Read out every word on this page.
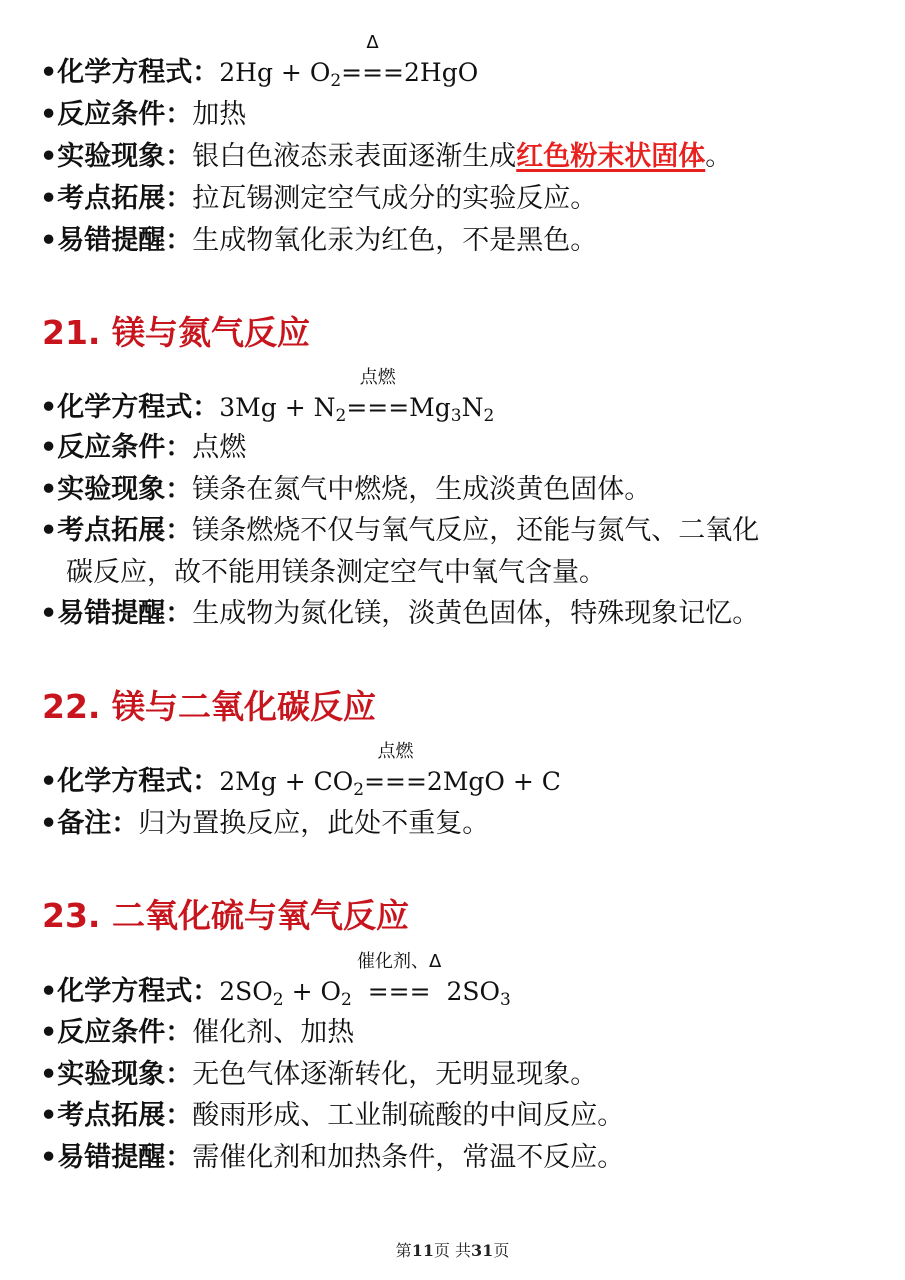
•化学方程式：$2Hg + O_2$
Δ
===2HgO
•反应条件：加热
•实验现象：银白色液态汞表面逐渐生成红色粉末状固体。
•考点拓展：拉瓦锡测定空气成分的实验反应。
•易错提醒：生成物氧化汞为红色，不是黑色。
21. 镁与氮气反应
•化学方程式：$3Mg + N_2$
点燃
$===Mg_3N_2$
•反应条件：点燃
•实验现象：镁条在氮气中燃烧，生成淡黄色固体。
•考点拓展：镁条燃烧不仅与氧气反应，还能与氮气、二氧化
碳反应，故不能用镁条测定空气中氧气含量。
•易错提醒：生成物为氮化镁，淡黄色固体，特殊现象记忆。
22. 镁与二氧化碳反应
•化学方程式：$2Mg + CO_2$
点燃
===2MgO + C
•备注：归为置换反应，此处不重复。
23. 二氧化硫与氧气反应
•化学方程式：$2SO_2 + O_2$
催化剂、Δ
=== $2SO_3$
•反应条件：催化剂、加热
•实验现象：无色气体逐渐转化，无明显现象。
•考点拓展：酸雨形成、工业制硫酸的中间反应。
•易错提醒：需催化剂和加热条件，常温不反应。
第11页 共31页
